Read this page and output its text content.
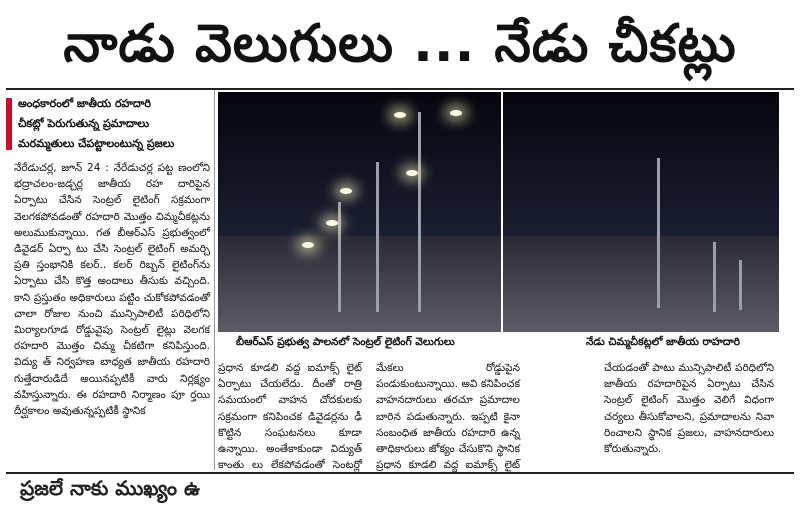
నాడు వెలుగులు ... నేడు చీకట్లు
అంధకారంలో జాతీయ రహదారి
చీకట్లో పెరుగుతున్న ప్రమాదాలు
మరమ్మతులు చేపట్టాలంటున్న ప్రజలు

నేరేడుచర్ల, జూన్ 24 : నేరేడుచర్ల పట్ట ణంలోని భద్రాచలం-జడ్చర్ల జాతీయ రహ దారిపైన ఏర్పాటు చేసిన సెంట్రల్ లైటింగ్ సక్రమంగా వెలగకపోవడంతో రహదారి మొత్తం చిమ్మచీకట్లను అలుముకున్నాయి. గత బీఆర్ఎస్ ప్రభుత్వంలో డివైడర్ ఏర్పా టు చేసి సెంట్రల్ లైటింగ్ అమర్చి ప్రతి స్తంభానికి కలర్.. కలర్ రిబ్బన్ లైటింగ్‌ను ఏర్పాటు చేసి కొత్త అందాలు తీసుకు వచ్చింది. కాని ప్రస్తుతం అధికారులు పట్టిం చుకోకపోవడంతో చాలా రోజుల నుంచి మున్సిపాలిటీ పరిధిలోని మిర్యాలగూడ రోడ్డువైపు సెంట్రల్ లైట్లు వెలగక రహదారి మొత్తం చిమ్మ చీకటిగా కనిపిస్తుంది. విద్యు త్ నిర్వహణ బాధ్యత జాతీయ రహదారి గుత్తేదారుడిదే అయినప్పటికీ వారు నిర్లక్ష్యం వహిస్తున్నారు. ఈ రహదారి నిర్మాణం పూ ర్తయి దీర్ఘకాలం అవుతున్నప్పటికీ స్థానిక

బీఆర్ఎస్ ప్రభుత్వ పాలనలో సెంట్రల్ లైటింగ్ వెలుగులు	నేడు చిమ్మచీకట్లలో జాతీయ రాహదారి

ప్రధాన కూడలి వద్ద ఐమాక్స్ లైట్ ఏర్పాటు చేయలేదు. దీంతో రాత్రి సమయంలో వాహన చోదకులకు సక్రమంగా కనిపించక డివైడర్లను ఢీ కొట్టిన సంఘటనలు కూడా ఉన్నాయి. అంతేకాకుండా విద్యుత్ కాంతు లు లేకపోవడంతో సెంటర్లో

మేకలు రోడ్డుపైన పండుకుంటున్నాయి. అవి కనిపించక వాహనదారులు తరచూ ప్రమాదాల బారిన పడుతున్నారు. ఇప్పటి కైనా సంబంధిత జాతీయ రహదారి ఉన్న తాధికారులు జోక్యం చేసుకొని స్థానిక ప్రధాన కూడలి వద్ద ఐమాక్స్ లైట్

చేయడంతో పాటు మున్సిపాలిటీ పరిధిలోని జాతీయ రహదారిపైన ఏర్పాటు చేసిన సెంట్రల్ లైటింగ్ మొత్తం వెలిగే విధంగా చర్యలు తీసుకోవాలని, ప్రమాదాలను నివా రించాలని స్థానిక ప్రజలు, వాహనదారులు కోరుతున్నారు.

ప్రజలే నాకు ముఖ్యం ఉ
